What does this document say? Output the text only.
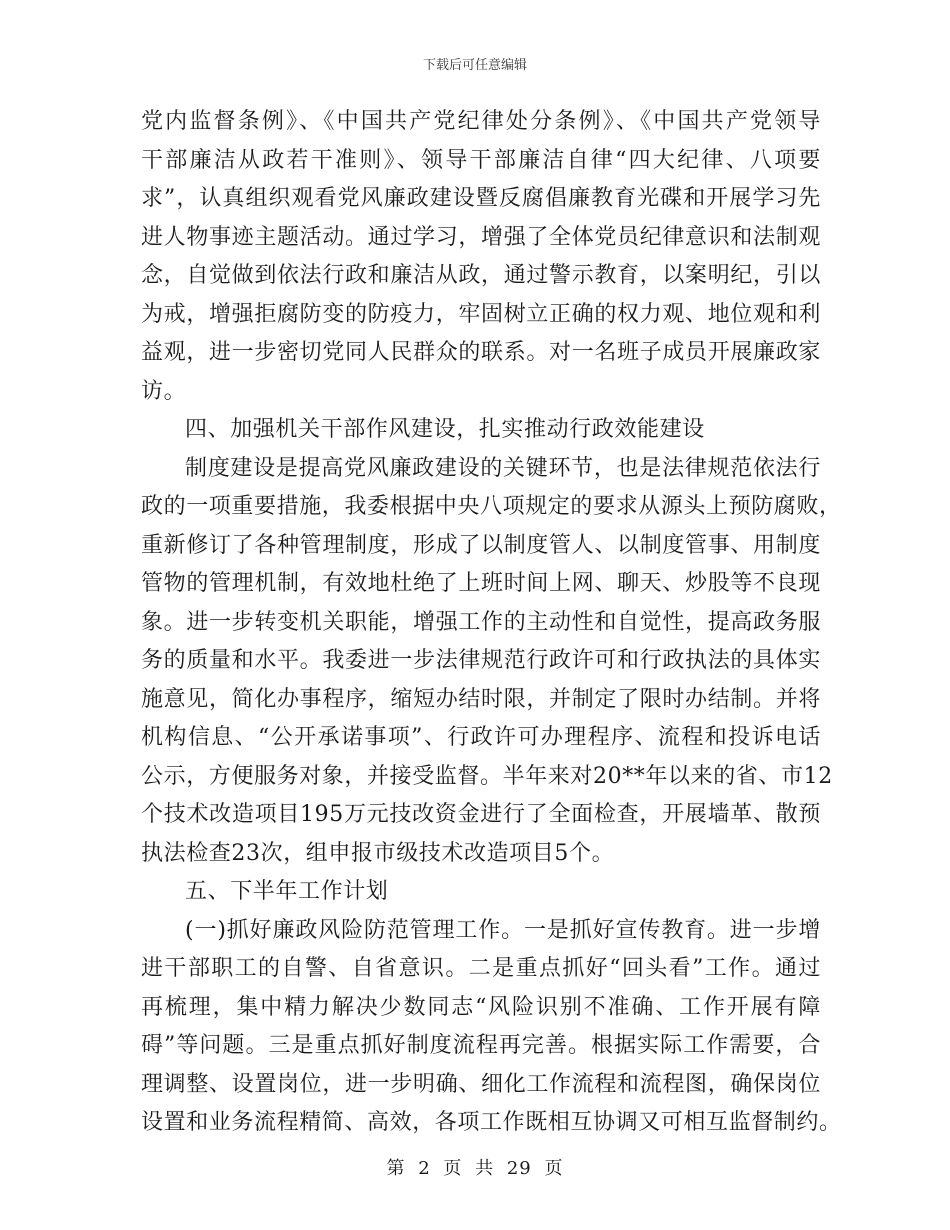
下载后可任意编辑
党内监督条例》、《中国共产党纪律处分条例》、《中国共产党领导
干部廉洁从政若干准则》、领导干部廉洁自律“四大纪律、八项要
求”，认真组织观看党风廉政建设暨反腐倡廉教育光碟和开展学习先
进人物事迹主题活动。通过学习，增强了全体党员纪律意识和法制观
念，自觉做到依法行政和廉洁从政，通过警示教育，以案明纪，引以
为戒，增强拒腐防变的防疫力，牢固树立正确的权力观、地位观和利
益观，进一步密切党同人民群众的联系。对一名班子成员开展廉政家
访。
四、加强机关干部作风建设，扎实推动行政效能建设
制度建设是提高党风廉政建设的关键环节，也是法律规范依法行
政的一项重要措施，我委根据中央八项规定的要求从源头上预防腐败，
重新修订了各种管理制度，形成了以制度管人、以制度管事、用制度
管物的管理机制，有效地杜绝了上班时间上网、聊天、炒股等不良现
象。进一步转变机关职能，增强工作的主动性和自觉性，提高政务服
务的质量和水平。我委进一步法律规范行政许可和行政执法的具体实
施意见，简化办事程序，缩短办结时限，并制定了限时办结制。并将
机构信息、“公开承诺事项”、行政许可办理程序、流程和投诉电话
公示，方便服务对象，并接受监督。半年来对20**年以来的省、市12
个技术改造项目195万元技改资金进行了全面检查，开展墙革、散预
执法检查23次，组申报市级技术改造项目5个。
五、下半年工作计划
(一)抓好廉政风险防范管理工作。一是抓好宣传教育。进一步增
进干部职工的自警、自省意识。二是重点抓好“回头看”工作。通过
再梳理，集中精力解决少数同志“风险识别不准确、工作开展有障
碍”等问题。三是重点抓好制度流程再完善。根据实际工作需要，合
理调整、设置岗位，进一步明确、细化工作流程和流程图，确保岗位
设置和业务流程精简、高效，各项工作既相互协调又可相互监督制约。
第 2 页 共 29 页
